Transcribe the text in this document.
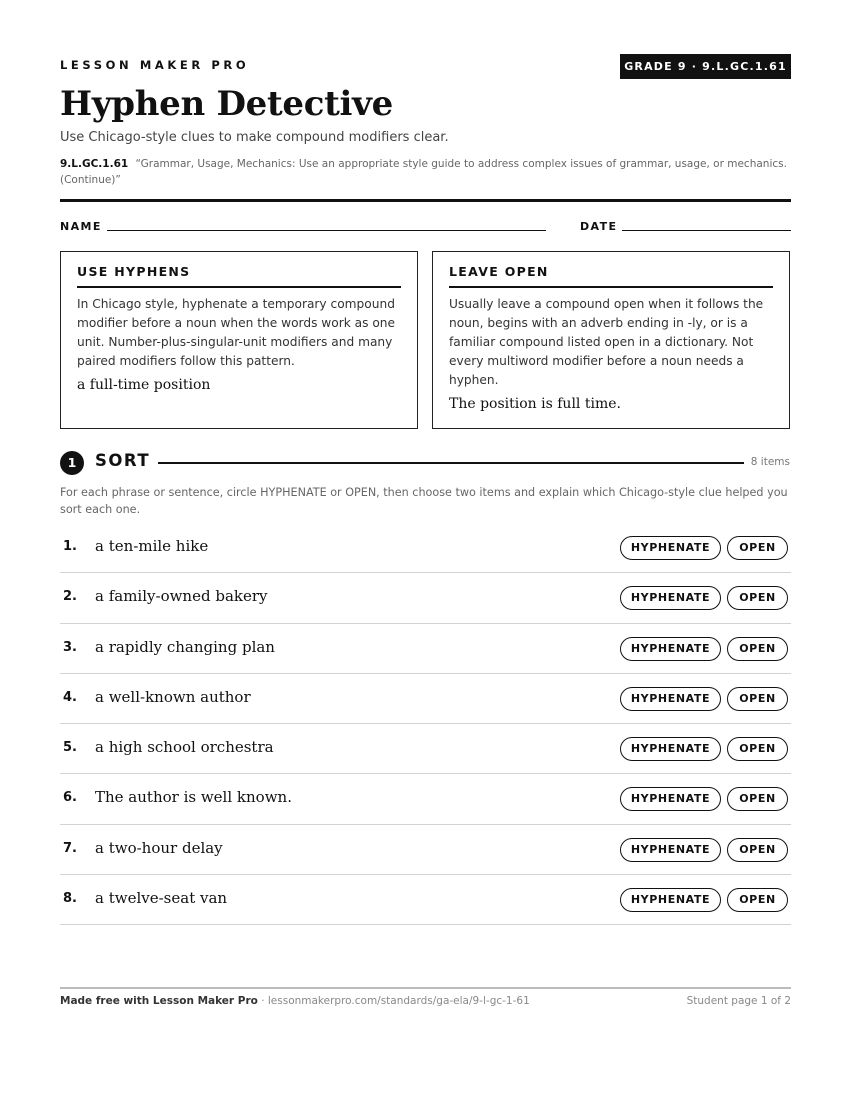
LESSON MAKER PRO	GRADE 9 · 9.L.GC.1.61
Hyphen Detective
Use Chicago-style clues to make compound modifiers clear.
9.L.GC.1.61 “Grammar, Usage, Mechanics: Use an appropriate style guide to address complex issues of grammar, usage, or mechanics. (Continue)”
NAME	DATE
USE HYPHENS
In Chicago style, hyphenate a temporary compound modifier before a noun when the words work as one unit. Number-plus-singular-unit modifiers and many paired modifiers follow this pattern.
a full-time position
LEAVE OPEN
Usually leave a compound open when it follows the noun, begins with an adverb ending in -ly, or is a familiar compound listed open in a dictionary. Not every multiword modifier before a noun needs a hyphen.
The position is full time.
1	SORT	8 items
For each phrase or sentence, circle HYPHENATE or OPEN, then choose two items and explain which Chicago-style clue helped you sort each one.
1. a ten-mile hike	HYPHENATE	OPEN
2. a family-owned bakery	HYPHENATE	OPEN
3. a rapidly changing plan	HYPHENATE	OPEN
4. a well-known author	HYPHENATE	OPEN
5. a high school orchestra	HYPHENATE	OPEN
6. The author is well known.	HYPHENATE	OPEN
7. a two-hour delay	HYPHENATE	OPEN
8. a twelve-seat van	HYPHENATE	OPEN
Made free with Lesson Maker Pro · lessonmakerpro.com/standards/ga-ela/9-l-gc-1-61	Student page 1 of 2
